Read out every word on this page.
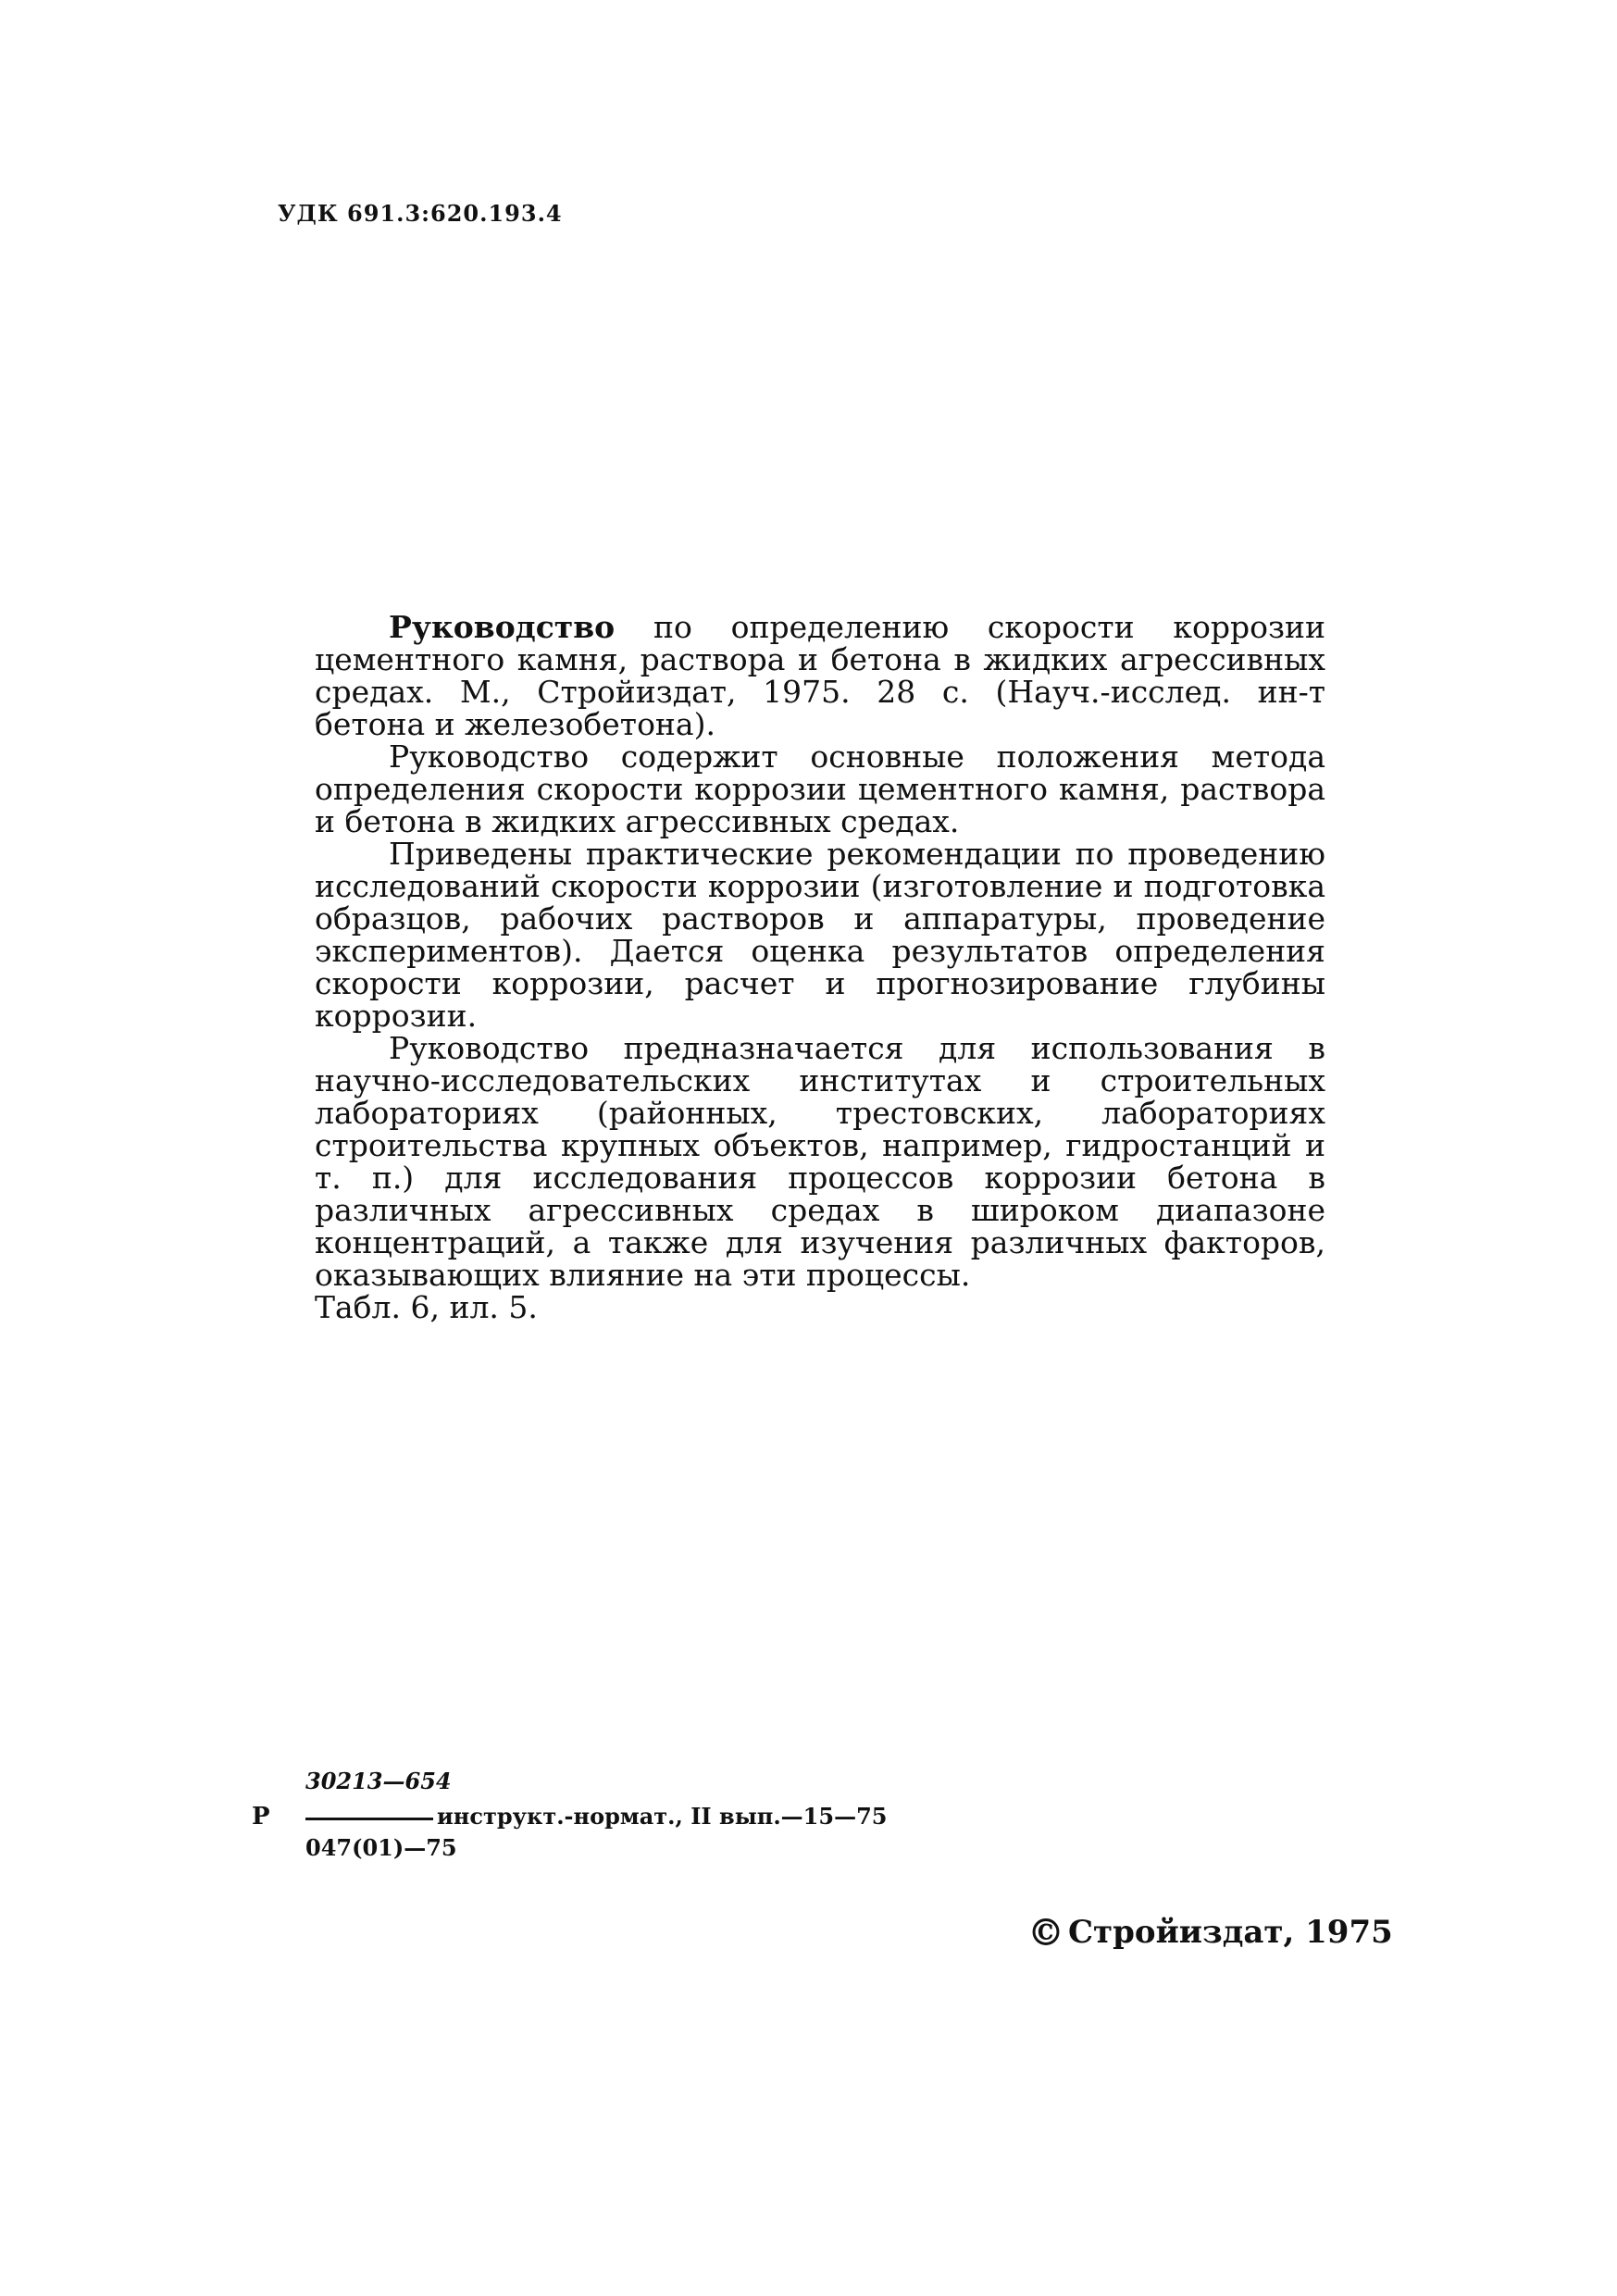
УДК 691.3:620.193.4

Руководство по определению скорости коррозии цементного камня, раствора и бетона в жидких агрессивных средах. М., Стройиздат, 1975. 28 с. (Науч.-исслед. ин-т бетона и железобетона).

Руководство содержит основные положения метода определения скорости коррозии цементного камня, раствора и бетона в жидких агрессивных средах.

Приведены практические рекомендации по проведению исследований скорости коррозии (изготовление и подготовка образцов, рабочих растворов и аппаратуры, проведение экспериментов). Дается оценка результатов определения скорости коррозии, расчет и прогнозирование глубины коррозии.

Руководство предназначается для использования в научно-исследовательских институтах и строительных лабораториях (районных, трестовских, лабораториях строительства крупных объектов, например, гидростанций и т. п.) для исследования процессов коррозии бетона в различных агрессивных средах в широком диапазоне концентраций, а также для изучения различных факторов, оказывающих влияние на эти процессы.

Табл. 6, ил. 5.

Р
30213—654
047(01)—75
инструкт.-нормат., II вып.—15—75
© Стройиздат, 1975
